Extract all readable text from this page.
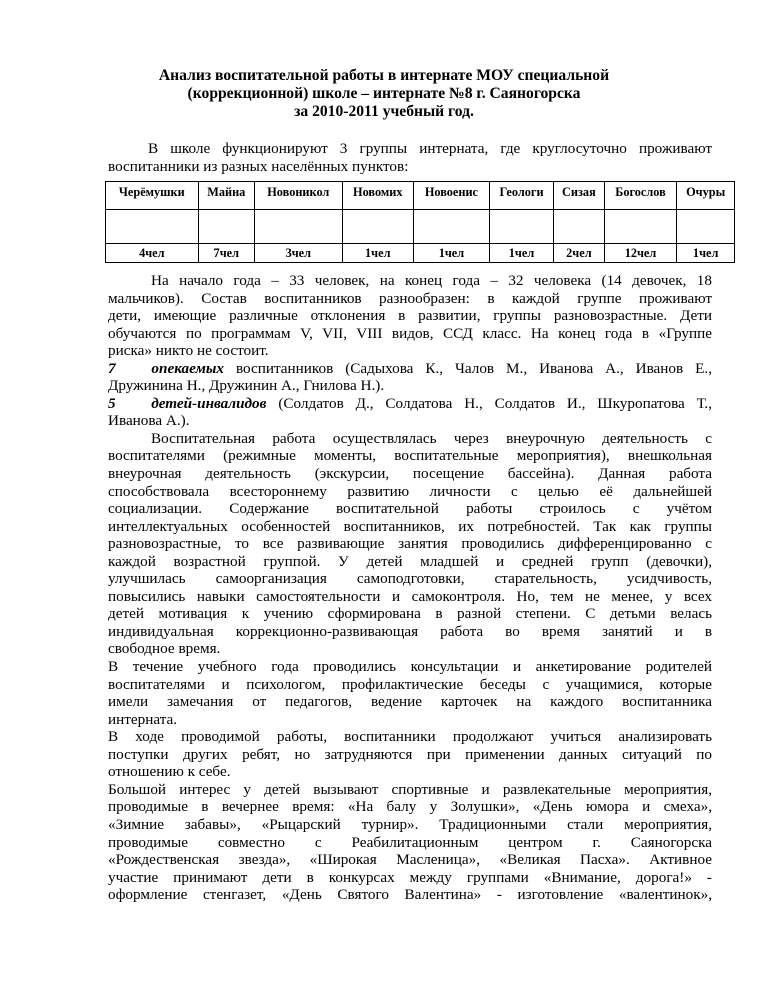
Анализ воспитательной работы в интернате МОУ специальной
(коррекционной) школе – интернате №8 г. Саяногорска
за 2010-2011 учебный год.
В школе функционируют 3 группы интерната, где круглосуточно проживают
воспитанники из разных населённых пунктов:
Черёмушки	Майна	Новоникол	Новомих	Новоенис	Геологи	Сизая	Богослов	Очуры

4чел	7чел	3чел	1чел	1чел	1чел	2чел	12чел	1чел
На начало года – 33 человек, на конец года – 32 человека (14 девочек, 18
мальчиков). Состав воспитанников разнообразен: в каждой группе проживают
дети, имеющие различные отклонения в развитии, группы разновозрастные. Дети
обучаются по программам V, VII, VIII видов, ССД класс. На конец года в «Группе
риска» никто не состоит.
7 опекаемых воспитанников (Садыхова К., Чалов М., Иванова А., Иванов Е.,
Дружинина Н., Дружинин А., Гнилова Н.).
5 детей-инвалидов (Солдатов Д., Солдатова Н., Солдатов И., Шкуропатова Т.,
Иванова А.).
Воспитательная работа осуществлялась через внеурочную деятельность с
воспитателями (режимные моменты, воспитательные мероприятия), внешкольная
внеурочная деятельность (экскурсии, посещение бассейна). Данная работа
способствовала всестороннему развитию личности с целью её дальнейшей
социализации. Содержание воспитательной работы строилось с учётом
интеллектуальных особенностей воспитанников, их потребностей. Так как группы
разновозрастные, то все развивающие занятия проводились дифференцированно с
каждой возрастной группой. У детей младшей и средней групп (девочки),
улучшилась самоорганизация самоподготовки, старательность, усидчивость,
повысились навыки самостоятельности и самоконтроля. Но, тем не менее, у всех
детей мотивация к учению сформирована в разной степени. С детьми велась
индивидуальная коррекционно-развивающая работа во время занятий и в
свободное время.
В течение учебного года проводились консультации и анкетирование родителей
воспитателями и психологом, профилактические беседы с учащимися, которые
имели замечания от педагогов, ведение карточек на каждого воспитанника
интерната.
В ходе проводимой работы, воспитанники продолжают учиться анализировать
поступки других ребят, но затрудняются при применении данных ситуаций по
отношению к себе.
Большой интерес у детей вызывают спортивные и развлекательные мероприятия,
проводимые в вечернее время: «На балу у Золушки», «День юмора и смеха»,
«Зимние забавы», «Рыцарский турнир». Традиционными стали мероприятия,
проводимые совместно с Реабилитационным центром г. Саяногорска
«Рождественская звезда», «Широкая Масленица», «Великая Пасха». Активное
участие принимают дети в конкурсах между группами «Внимание, дорога!» -
оформление стенгазет, «День Святого Валентина» - изготовление «валентинок»,
